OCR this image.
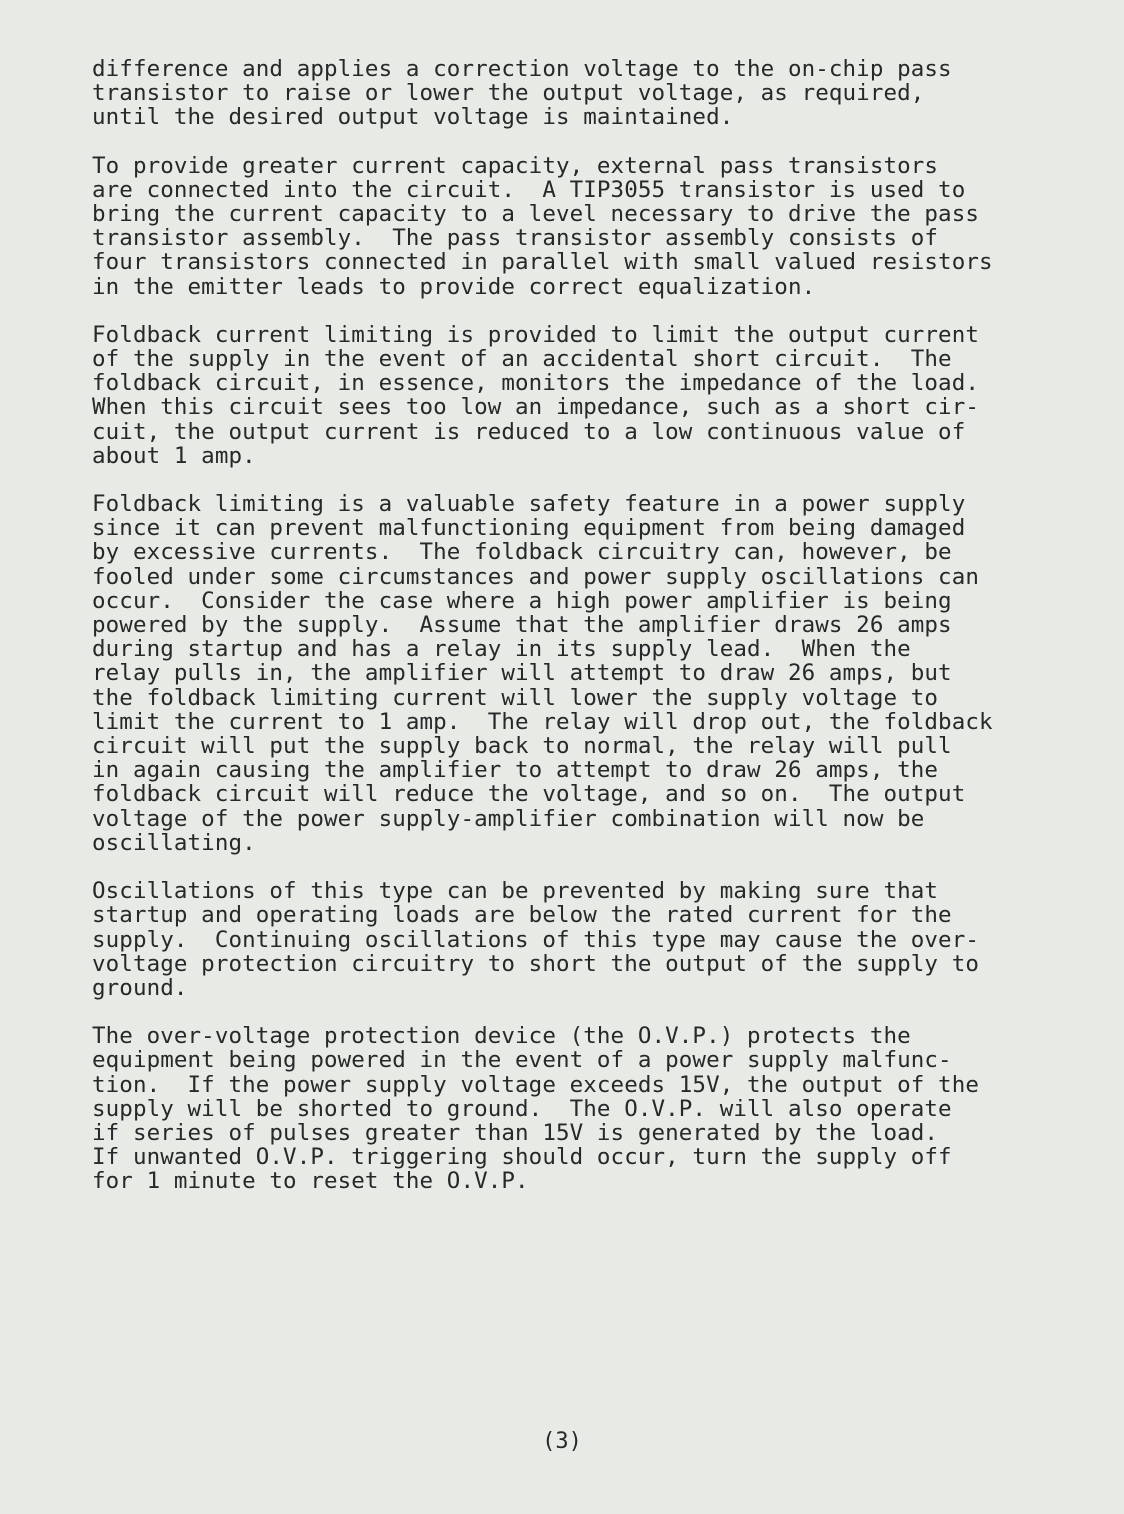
difference and applies a correction voltage to the on-chip pass
transistor to raise or lower the output voltage, as required,
until the desired output voltage is maintained.

To provide greater current capacity, external pass transistors
are connected into the circuit.  A TIP3055 transistor is used to
bring the current capacity to a level necessary to drive the pass
transistor assembly.  The pass transistor assembly consists of
four transistors connected in parallel with small valued resistors
in the emitter leads to provide correct equalization.

Foldback current limiting is provided to limit the output current
of the supply in the event of an accidental short circuit.  The
foldback circuit, in essence, monitors the impedance of the load.
When this circuit sees too low an impedance, such as a short cir-
cuit, the output current is reduced to a low continuous value of
about 1 amp.

Foldback limiting is a valuable safety feature in a power supply
since it can prevent malfunctioning equipment from being damaged
by excessive currents.  The foldback circuitry can, however, be
fooled under some circumstances and power supply oscillations can
occur.  Consider the case where a high power amplifier is being
powered by the supply.  Assume that the amplifier draws 26 amps
during startup and has a relay in its supply lead.  When the
relay pulls in, the amplifier will attempt to draw 26 amps, but
the foldback limiting current will lower the supply voltage to
limit the current to 1 amp.  The relay will drop out, the foldback
circuit will put the supply back to normal, the relay will pull
in again causing the amplifier to attempt to draw 26 amps, the
foldback circuit will reduce the voltage, and so on.  The output
voltage of the power supply-amplifier combination will now be
oscillating.

Oscillations of this type can be prevented by making sure that
startup and operating loads are below the rated current for the
supply.  Continuing oscillations of this type may cause the over-
voltage protection circuitry to short the output of the supply to
ground.

The over-voltage protection device (the O.V.P.) protects the
equipment being powered in the event of a power supply malfunc-
tion.  If the power supply voltage exceeds 15V, the output of the
supply will be shorted to ground.  The O.V.P. will also operate
if series of pulses greater than 15V is generated by the load.
If unwanted O.V.P. triggering should occur, turn the supply off
for 1 minute to reset the O.V.P.

(3)
